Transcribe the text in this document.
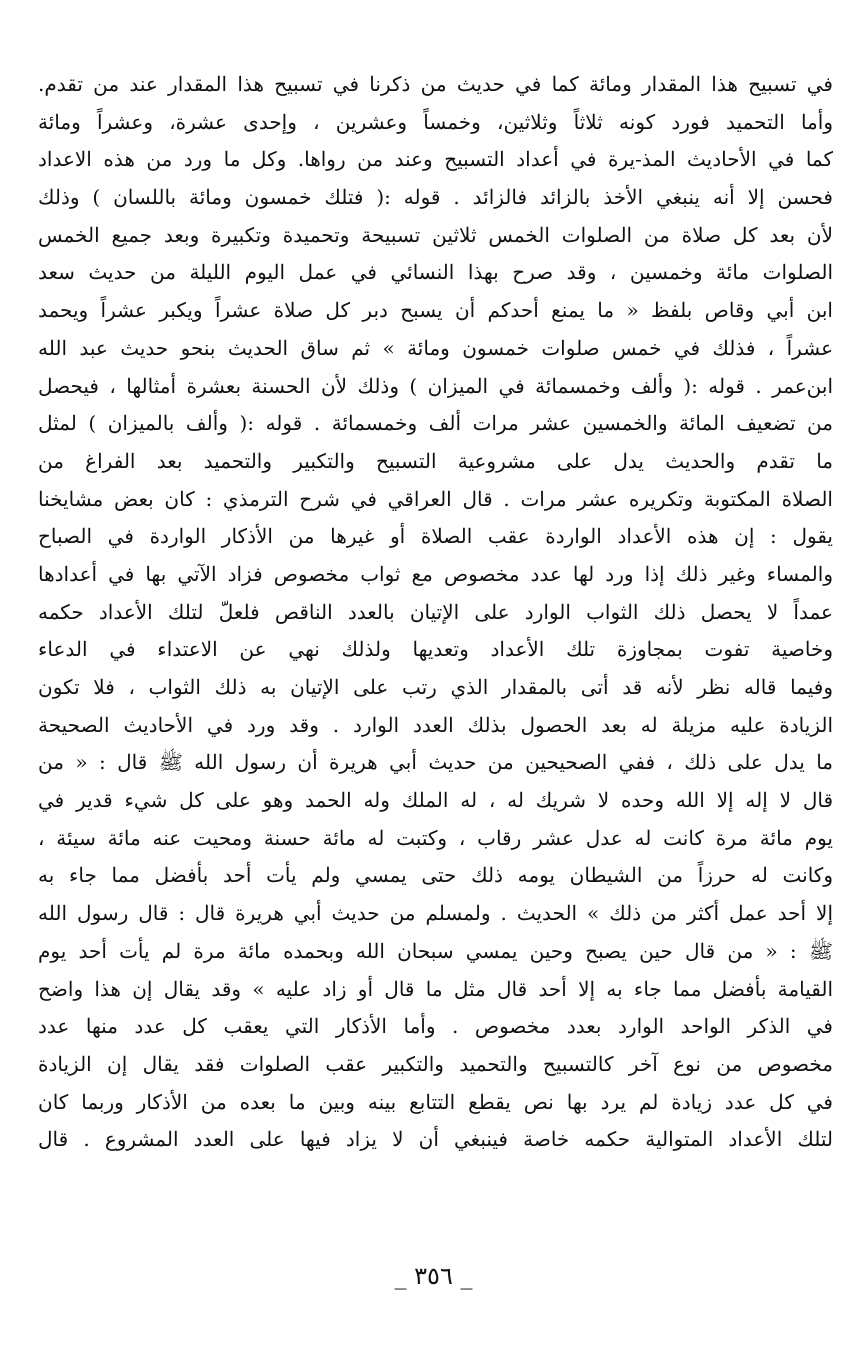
في تسبيح هذا المقدار ومائة كما في حديث من ذكرنا في تسبيح هذا المقدار عند من تقدم.
وأما التحميد فورد كونه ثلاثاً وثلاثين، وخمساً وعشرين ، وإحدى عشرة، وعشراً ومائة
كما في الأحاديث المذ-يرة في أعداد التسبيح وعند من رواها. وكل ما ورد من هذه الاعداد
فحسن إلا أنه ينبغي الأخذ بالزائد فالزائد . قوله :( فتلك خمسون ومائة باللسان ) وذلك
لأن بعد كل صلاة من الصلوات الخمس ثلاثين تسبيحة وتحميدة وتكبيرة وبعد جميع الخمس
الصلوات مائة وخمسين ، وقد صرح بهذا النسائي في عمل اليوم الليلة من حديث سعد
ابن أبي وقاص بلفظ « ما يمنع أحدكم أن يسبح دبر كل صلاة عشراً ويكبر عشراً ويحمد
عشراً ، فذلك في خمس صلوات خمسون ومائة » ثم ساق الحديث بنحو حديث عبد الله
ابن‌عمر . قوله :( وألف وخمسمائة في الميزان ) وذلك لأن الحسنة بعشرة أمثالها ، فيحصل
من تضعيف المائة والخمسين عشر مرات ألف وخمسمائة . قوله :( وألف بالميزان ) لمثل
ما تقدم والحديث يدل على مشروعية التسبيح والتكبير والتحميد بعد الفراغ من
الصلاة المكتوبة وتكريره عشر مرات . قال العراقي في شرح الترمذي : كان بعض مشايخنا
يقول : إن هذه الأعداد الواردة عقب الصلاة أو غيرها من الأذكار الواردة في الصباح
والمساء وغير ذلك إذا ورد لها عدد مخصوص مع ثواب مخصوص فزاد الآتي بها في أعدادها
عمداً لا يحصل ذلك الثواب الوارد على الإتيان بالعدد الناقص فلعلّ لتلك الأعداد حكمه
وخاصية تفوت بمجاوزة تلك الأعداد وتعديها ولذلك نهي عن الاعتداء في الدعاء
وفيما قاله نظر لأنه قد أتى بالمقدار الذي رتب على الإتيان به ذلك الثواب ، فلا تكون
الزيادة عليه مزيلة له بعد الحصول بذلك العدد الوارد . وقد ورد في الأحاديث الصحيحة
ما يدل على ذلك ، ففي الصحيحين من حديث أبي هريرة أن رسول الله ﷺ قال : « من
قال لا إله إلا الله وحده لا شريك له ، له الملك وله الحمد وهو على كل شيء قدير في
يوم مائة مرة كانت له عدل عشر رقاب ، وكتبت له مائة حسنة ومحيت عنه مائة سيئة ،
وكانت له حرزاً من الشيطان يومه ذلك حتى يمسي ولم يأت أحد بأفضل مما جاء به
إلا أحد عمل أكثر من ذلك » الحديث . ولمسلم من حديث أبي هريرة قال : قال رسول الله
ﷺ : « من قال حين يصبح وحين يمسي سبحان الله وبحمده مائة مرة لم يأت أحد يوم
القيامة بأفضل مما جاء به إلا أحد قال مثل ما قال أو زاد عليه » وقد يقال إن هذا واضح
في الذكر الواحد الوارد بعدد مخصوص . وأما الأذكار التي يعقب كل عدد منها عدد
مخصوص من نوع آخر كالتسبيح والتحميد والتكبير عقب الصلوات فقد يقال إن الزيادة
في كل عدد زيادة لم يرد بها نص يقطع التتابع بينه وبين ما بعده من الأذكار وربما كان
لتلك الأعداد المتوالية حكمه خاصة فينبغي أن لا يزاد فيها على العدد المشروع . قال
_ ٣٥٦ _
